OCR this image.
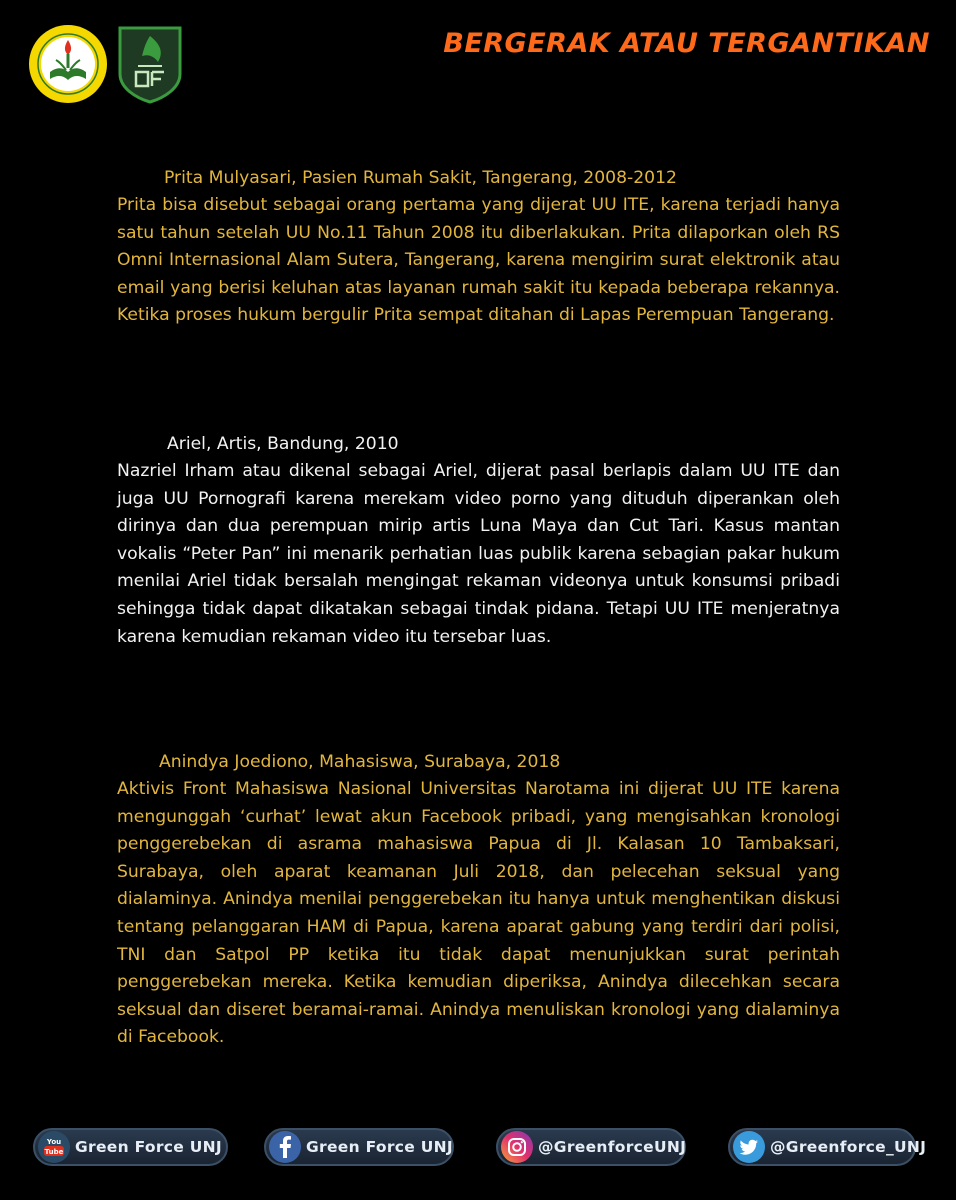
BERGERAK ATAU TERGANTIKAN
Prita Mulyasari, Pasien Rumah Sakit, Tangerang, 2008-2012

Prita bisa disebut sebagai orang pertama yang dijerat UU ITE, karena terjadi hanya satu tahun setelah UU No.11 Tahun 2008 itu diberlakukan. Prita dilaporkan oleh RS Omni Internasional Alam Sutera, Tangerang, karena mengirim surat elektronik atau email yang berisi keluhan atas layanan rumah sakit itu kepada beberapa rekannya. Ketika proses hukum bergulir Prita sempat ditahan di Lapas Perempuan Tangerang.

Ariel, Artis, Bandung, 2010

Nazriel Irham atau dikenal sebagai Ariel, dijerat pasal berlapis dalam UU ITE dan juga UU Pornografi karena merekam video porno yang dituduh diperankan oleh dirinya dan dua perempuan mirip artis Luna Maya dan Cut Tari. Kasus mantan vokalis “Peter Pan” ini menarik perhatian luas publik karena sebagian pakar hukum menilai Ariel tidak bersalah mengingat rekaman videonya untuk konsumsi pribadi sehingga tidak dapat dikatakan sebagai tindak pidana. Tetapi UU ITE menjeratnya karena kemudian rekaman video itu tersebar luas.

Anindya Joediono, Mahasiswa, Surabaya, 2018

Aktivis Front Mahasiswa Nasional Universitas Narotama ini dijerat UU ITE karena mengunggah ‘curhat’ lewat akun Facebook pribadi, yang mengisahkan kronologi penggerebekan di asrama mahasiswa Papua di Jl. Kalasan 10 Tambaksari, Surabaya, oleh aparat keamanan Juli 2018, dan pelecehan seksual yang dialaminya. Anindya menilai penggerebekan itu hanya untuk menghentikan diskusi tentang pelanggaran HAM di Papua, karena aparat gabung yang terdiri dari polisi, TNI dan Satpol PP ketika itu tidak dapat menunjukkan surat perintah penggerebekan mereka. Ketika kemudian diperiksa, Anindya dilecehkan secara seksual dan diseret beramai-ramai. Anindya menuliskan kronologi yang dialaminya di Facebook.

You
Tube Green Force UNJ	Green Force UNJ	@GreenforceUNJ	@Greenforce_UNJ
